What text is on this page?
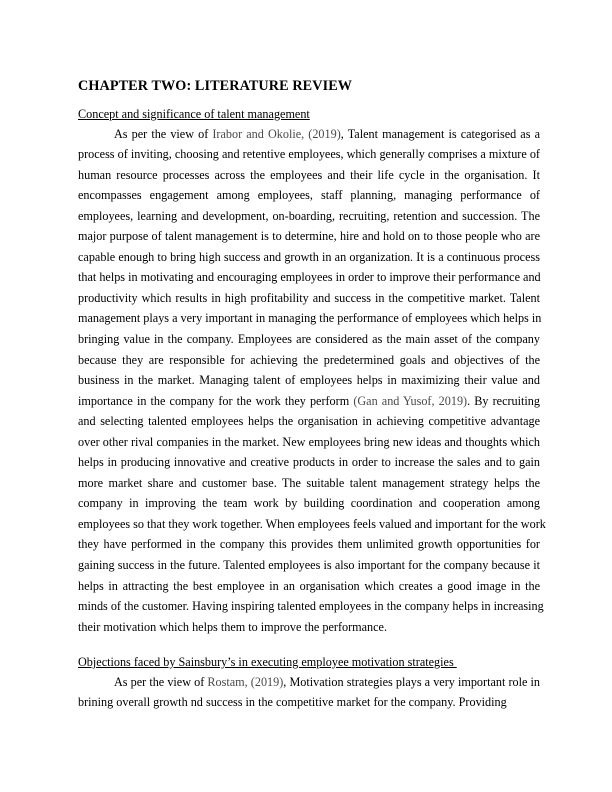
CHAPTER TWO: LITERATURE REVIEW

Concept and significance of talent management

As per the view of Irabor and Okolie, (2019), Talent management is categorised as a
process of inviting, choosing and retentive employees, which generally comprises a mixture of
human resource processes across the employees and their life cycle in the organisation. It
encompasses engagement among employees, staff planning, managing performance of
employees, learning and development, on-boarding, recruiting, retention and succession. The
major purpose of talent management is to determine, hire and hold on to those people who are
capable enough to bring high success and growth in an organization. It is a continuous process
that helps in motivating and encouraging employees in order to improve their performance and
productivity which results in high profitability and success in the competitive market. Talent
management plays a very important in managing the performance of employees which helps in
bringing value in the company. Employees are considered as the main asset of the company
because they are responsible for achieving the predetermined goals and objectives of the
business in the market. Managing talent of employees helps in maximizing their value and
importance in the company for the work they perform (Gan and Yusof, 2019). By recruiting
and selecting talented employees helps the organisation in achieving competitive advantage
over other rival companies in the market. New employees bring new ideas and thoughts which
helps in producing innovative and creative products in order to increase the sales and to gain
more market share and customer base. The suitable talent management strategy helps the
company in improving the team work by building coordination and cooperation among
employees so that they work together. When employees feels valued and important for the work
they have performed in the company this provides them unlimited growth opportunities for
gaining success in the future. Talented employees is also important for the company because it
helps in attracting the best employee in an organisation which creates a good image in the
minds of the customer. Having inspiring talented employees in the company helps in increasing
their motivation which helps them to improve the performance.

Objections faced by Sainsbury’s in executing employee motivation strategies

As per the view of Rostam, (2019), Motivation strategies plays a very important role in
brining overall growth nd success in the competitive market for the company. Providing
